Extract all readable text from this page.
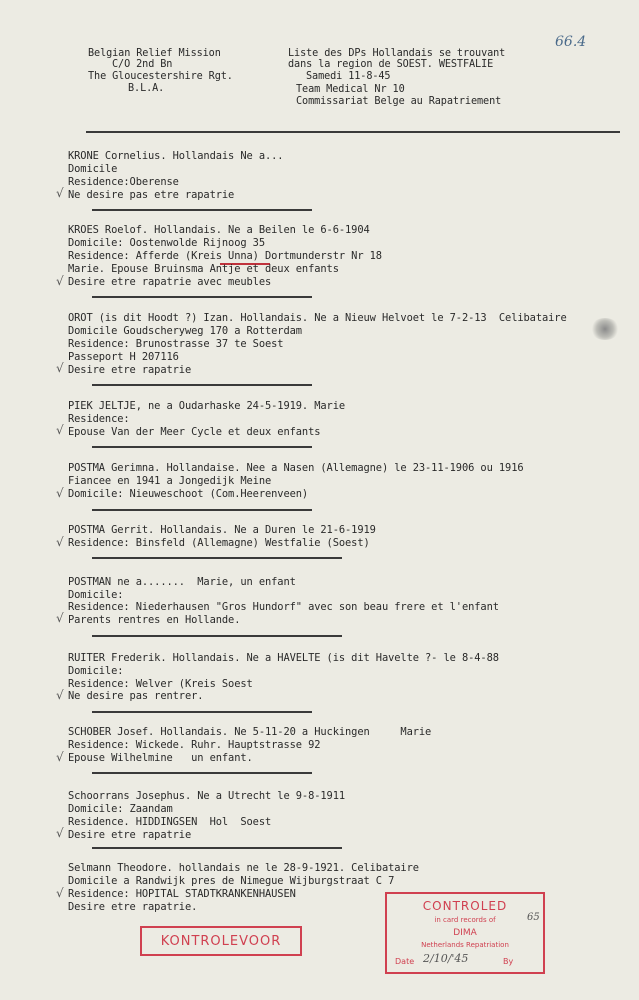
66.4
Belgian Relief Mission
C/O 2nd Bn
The Gloucestershire Rgt.
B.L.A.
Liste des DPs Hollandais se trouvant
dans la region de SOEST. WESTFALIE
Samedi 11-8-45
Team Medical Nr 10
Commissariat Belge au Rapatriement
KRONE Cornelius. Hollandais Ne a...
Domicile
Residence:Oberense
Ne desire pas etre rapatrie
√
KROES Roelof. Hollandais. Ne a Beilen le 6-6-1904
Domicile: Oostenwolde Rijnoog 35
Residence: Afferde (Kreis Unna) Dortmunderstr Nr 18
Marie. Epouse Bruinsma Antje et deux enfants
Desire etre rapatrie avec meubles
√
OROT (is dit Hoodt ?) Izan. Hollandais. Ne a Nieuw Helvoet le 7-2-13  Celibataire
Domicile Goudscheryweg 170 a Rotterdam
Residence: Brunostrasse 37 te Soest
Passeport H 207116
Desire etre rapatrie
√
PIEK JELTJE, ne a Oudarhaske 24-5-1919. Marie
Residence:
Epouse Van der Meer Cycle et deux enfants
√
POSTMA Gerimna. Hollandaise. Nee a Nasen (Allemagne) le 23-11-1906 ou 1916
Fiancee en 1941 a Jongedijk Meine
Domicile: Nieuweschoot (Com.Heerenveen)
√
POSTMA Gerrit. Hollandais. Ne a Duren le 21-6-1919
Residence: Binsfeld (Allemagne) Westfalie (Soest)
√
POSTMAN ne a.......  Marie, un enfant
Domicile:
Residence: Niederhausen "Gros Hundorf" avec son beau frere et l'enfant
Parents rentres en Hollande.
√
RUITER Frederik. Hollandais. Ne a HAVELTE (is dit Havelte ?- le 8-4-88
Domicile:
Residence: Welver (Kreis Soest
Ne desire pas rentrer.
√
SCHOBER Josef. Hollandais. Ne 5-11-20 a Huckingen     Marie
Residence: Wickede. Ruhr. Hauptstrasse 92
Epouse Wilhelmine   un enfant.
√
Schoorrans Josephus. Ne a Utrecht le 9-8-1911
Domicile: Zaandam
Residence. HIDDINGSEN  Hol  Soest
Desire etre rapatrie
√
Selmann Theodore. hollandais ne le 28-9-1921. Celibataire
Domicile a Randwijk pres de Nimegue Wijburgstraat C 7
Residence: HOPITAL STADTKRANKENHAUSEN
Desire etre rapatrie.
√
KONTROLEVOOR
CONTROLED
in card records of
DIMA
Netherlands Repatriation
Date 2/10/'45	By
65
